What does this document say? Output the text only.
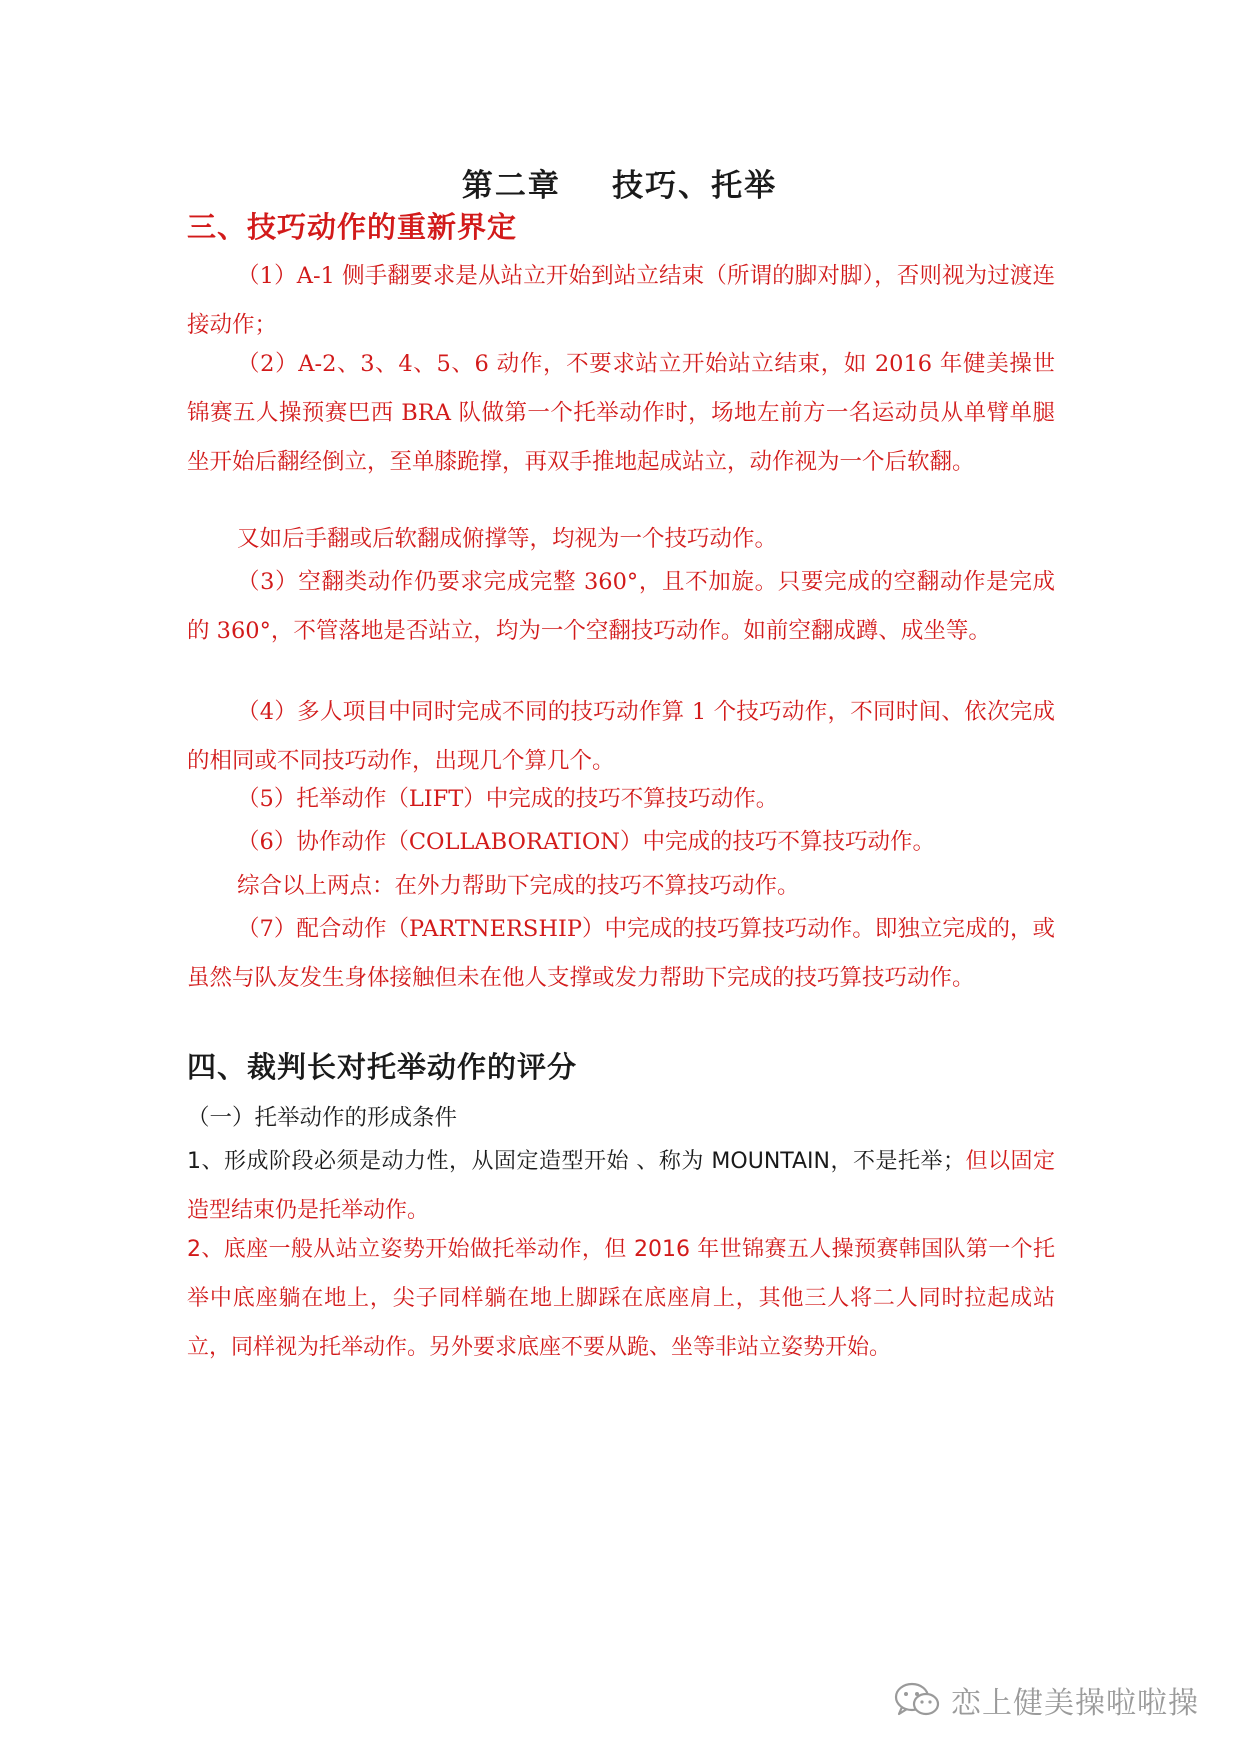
第二章    技巧、托举
三、技巧动作的重新界定

（1）A-1 侧手翻要求是从站立开始到站立结束（所谓的脚对脚），否则视为过渡连接动作；

（2）A-2、3、4、5、6 动作，不要求站立开始站立结束，如 2016 年健美操世锦赛五人操预赛巴西 BRA 队做第一个托举动作时，场地左前方一名运动员从单臂单腿坐开始后翻经倒立，至单膝跪撑，再双手推地起成站立，动作视为一个后软翻。

又如后手翻或后软翻成俯撑等，均视为一个技巧动作。

（3）空翻类动作仍要求完成完整 360°，且不加旋。只要完成的空翻动作是完成的 360°，不管落地是否站立，均为一个空翻技巧动作。如前空翻成蹲、成坐等。

（4）多人项目中同时完成不同的技巧动作算 1 个技巧动作，不同时间、依次完成的相同或不同技巧动作，出现几个算几个。

（5）托举动作（LIFT）中完成的技巧不算技巧动作。

（6）协作动作（COLLABORATION）中完成的技巧不算技巧动作。

综合以上两点：在外力帮助下完成的技巧不算技巧动作。

（7）配合动作（PARTNERSHIP）中完成的技巧算技巧动作。即独立完成的，或虽然与队友发生身体接触但未在他人支撑或发力帮助下完成的技巧算技巧动作。

四、裁判长对托举动作的评分
（一）托举动作的形成条件

1、形成阶段必须是动力性，从固定造型开始 、称为 MOUNTAIN，不是托举；但以固定造型结束仍是托举动作。

2、底座一般从站立姿势开始做托举动作，但 2016 年世锦赛五人操预赛韩国队第一个托举中底座躺在地上，尖子同样躺在地上脚踩在底座肩上，其他三人将二人同时拉起成站立，同样视为托举动作。另外要求底座不要从跪、坐等非站立姿势开始。

恋上健美操啦啦操
